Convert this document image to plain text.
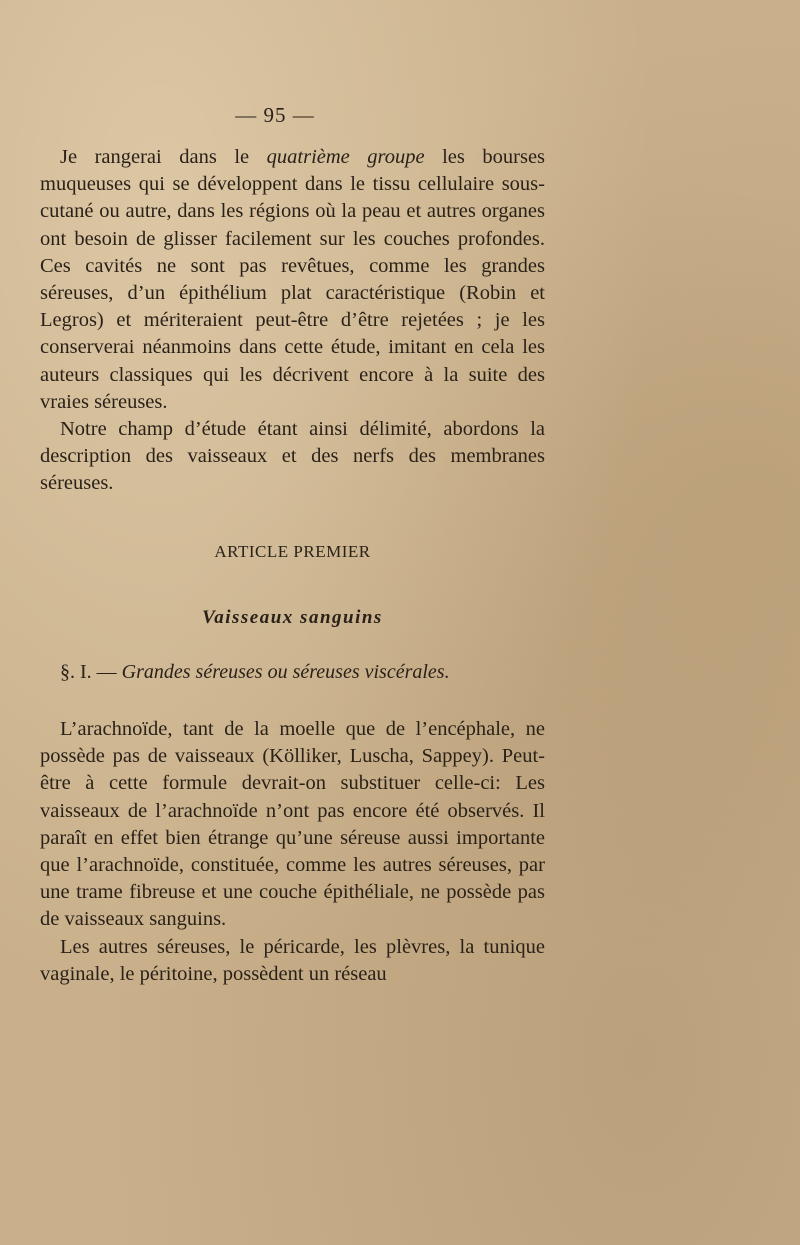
— 95 —

Je rangerai dans le quatrième groupe les bourses muqueuses qui se développent dans le tissu cellulaire sous-cutané ou autre, dans les régions où la peau et autres organes ont besoin de glisser facilement sur les couches profondes. Ces cavités ne sont pas revêtues, comme les grandes séreuses, d’un épithélium plat caractéristique (Robin et Legros) et mériteraient peut-être d’être rejetées ; je les conserverai néanmoins dans cette étude, imitant en cela les auteurs classiques qui les décrivent encore à la suite des vraies séreuses.

Notre champ d’étude étant ainsi délimité, abordons la description des vaisseaux et des nerfs des membranes séreuses.

ARTICLE PREMIER
Vaisseaux sanguins
§. I. — Grandes séreuses ou séreuses viscérales.

L’arachnoïde, tant de la moelle que de l’encéphale, ne possède pas de vaisseaux (Kölliker, Luscha, Sappey). Peut-être à cette formule devrait-on substituer celle-ci: Les vaisseaux de l’arachnoïde n’ont pas encore été observés. Il paraît en effet bien étrange qu’une séreuse aussi importante que l’arachnoïde, constituée, comme les autres séreuses, par une trame fibreuse et une couche épithéliale, ne possède pas de vaisseaux sanguins.

Les autres séreuses, le péricarde, les plèvres, la tunique vaginale, le péritoine, possèdent un réseau
